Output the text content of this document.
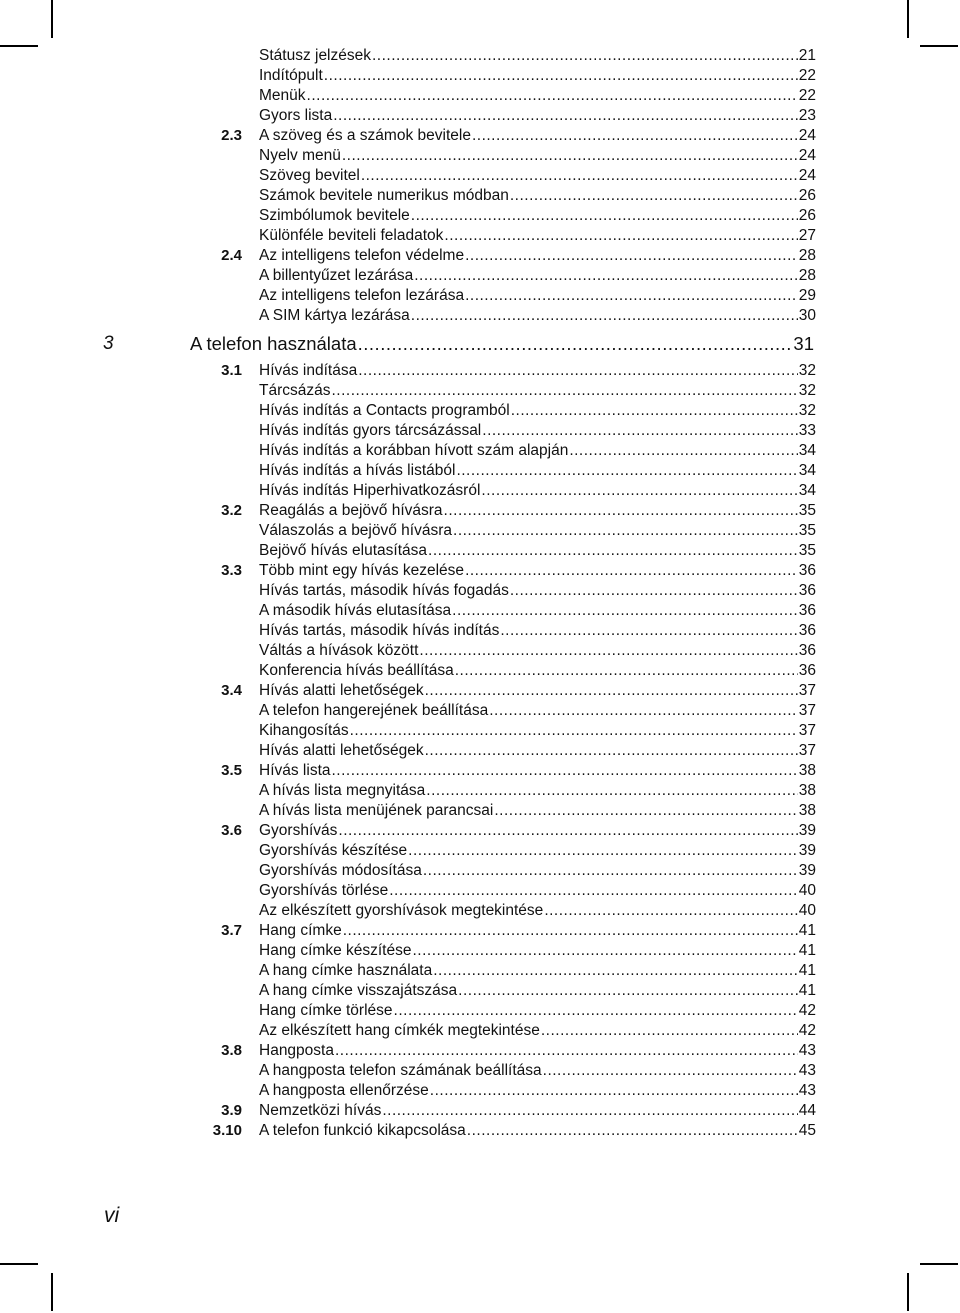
Státusz jelzések .....	21
Indítópult .....	22
Menük .....	22
Gyors lista .....	23
2.3 A szöveg és a számok bevitele .....	24
Nyelv menü .....	24
Szöveg bevitel .....	24
Számok bevitele numerikus módban .....	26
Szimbólumok bevitele .....	26
Különféle beviteli feladatok .....	27
2.4 Az intelligens telefon védelme .....	28
A billentyűzet lezárása .....	28
Az intelligens telefon lezárása .....	29
A SIM kártya lezárása .....	30
3	A telefon használata .....	31
3.1 Hívás indítása .....	32
Tárcsázás .....	32
Hívás indítás a Contacts programból .....	32
Hívás indítás gyors tárcsázással .....	33
Hívás indítás a korábban hívott szám alapján .....	34
Hívás indítás a hívás listából .....	34
Hívás indítás Hiperhivatkozásról .....	34
3.2 Reagálás a bejövő hívásra .....	35
Válaszolás a bejövő hívásra .....	35
Bejövő hívás elutasítása .....	35
3.3 Több mint egy hívás kezelése .....	36
Hívás tartás, második hívás fogadás .....	36
A második hívás elutasítása .....	36
Hívás tartás, második hívás indítás .....	36
Váltás a hívások között .....	36
Konferencia hívás beállítása .....	36
3.4 Hívás alatti lehetőségek .....	37
A telefon hangerejének beállítása .....	37
Kihangosítás .....	37
Hívás alatti lehetőségek .....	37
3.5 Hívás lista .....	38
A hívás lista megnyitása .....	38
A hívás lista menüjének parancsai .....	38
3.6 Gyorshívás .....	39
Gyorshívás készítése .....	39
Gyorshívás módosítása .....	39
Gyorshívás törlése .....	40
Az elkészített gyorshívások megtekintése .....	40
3.7 Hang címke .....	41
Hang címke készítése .....	41
A hang címke használata .....	41
A hang címke visszajátszása .....	41
Hang címke törlése .....	42
Az elkészített hang címkék megtekintése .....	42
3.8 Hangposta .....	43
A hangposta telefon számának beállítása .....	43
A hangposta ellenőrzése .....	43
3.9 Nemzetközi hívás .....	44
3.10 A telefon funkció kikapcsolása .....	45
vi
